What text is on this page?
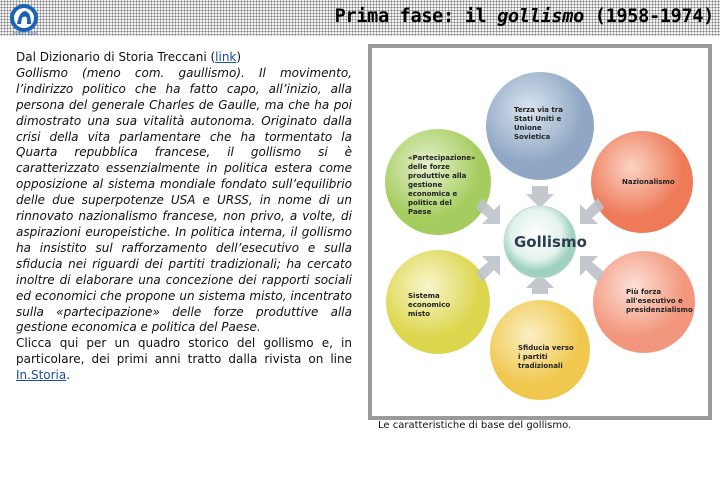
centro studi
Prima fase: il gollismo (1958-1974)

Dal Dizionario di Storia Treccani (link)

Gollismo (meno com. gaullismo). Il movimento, l’indirizzo politico che ha fatto capo, all’inizio, alla persona del generale Charles de Gaulle, ma che ha poi dimostrato una sua vitalità autonoma. Originato dalla crisi della vita parlamentare che ha tormentato la Quarta repubblica francese, il gollismo si è caratterizzato essenzialmente in politica estera come opposizione al sistema mondiale fondato sull’equilibrio delle due superpotenze USA e URSS, in nome di un rinnovato nazionalismo francese, non privo, a volte, di aspirazioni europeistiche. In politica interna, il gollismo ha insistito sul rafforzamento dell’esecutivo e sulla sfiducia nei riguardi dei partiti tradizionali; ha cercato inoltre di elaborare una concezione dei rapporti sociali ed economici che propone un sistema misto, incentrato sulla «partecipazione» delle forze produttive alla gestione economica e politica del Paese.

Clicca qui per un quadro storico del gollismo e, in particolare, dei primi anni tratto dalla rivista on line In.Storia.

Gollismo
Terza via tra Stati Uniti e Unione Sovietica
Nazionalismo
Più forza all'esecutivo e presidenzialismo
Sfiducia verso i partiti tradizionali
Sistema economico misto
«Partecipazione» delle forze produttive alla gestione economica e politica del Paese
Le caratteristiche di base del gollismo.
